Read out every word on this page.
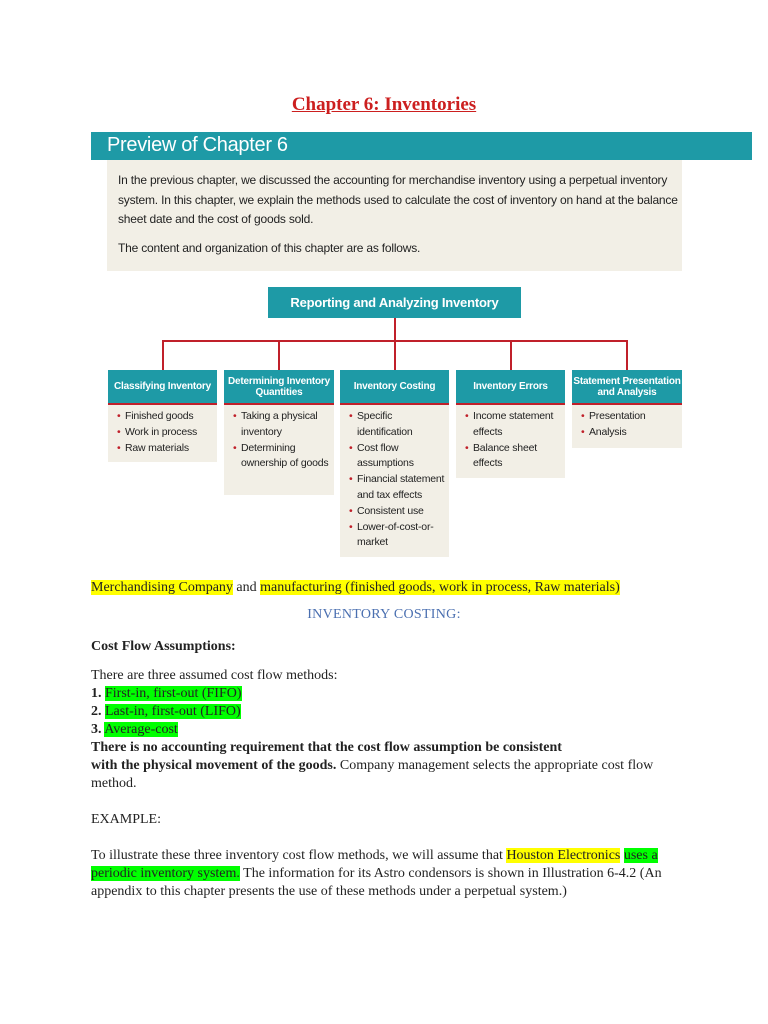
Chapter 6: Inventories
Preview of Chapter 6
In the previous chapter, we discussed the accounting for merchandise inventory using a perpetual inventory system. In this chapter, we explain the methods used to calculate the cost of inventory on hand at the balance sheet date and the cost of goods sold.
The content and organization of this chapter are as follows.
Reporting and Analyzing Inventory
Classifying Inventory
• Finished goods
• Work in process
• Raw materials
Determining Inventory Quantities
• Taking a physical inventory
• Determining ownership of goods
Inventory Costing
• Specific identification
• Cost flow assumptions
• Financial statement and tax effects
• Consistent use
• Lower-of-cost-or-market
Inventory Errors
• Income statement effects
• Balance sheet effects
Statement Presentation and Analysis
• Presentation
• Analysis
Merchandising Company and manufacturing (finished goods, work in process, Raw materials)
INVENTORY COSTING:
Cost Flow Assumptions:
There are three assumed cost flow methods:
1. First-in, first-out (FIFO)
2. Last-in, first-out (LIFO)
3. Average-cost
There is no accounting requirement that the cost flow assumption be consistent
with the physical movement of the goods. Company management selects the appropriate cost flow method.
EXAMPLE:
To illustrate these three inventory cost flow methods, we will assume that Houston Electronics uses a periodic inventory system. The information for its Astro condensors is shown in Illustration 6-4.2 (An appendix to this chapter presents the use of these methods under a perpetual system.)
